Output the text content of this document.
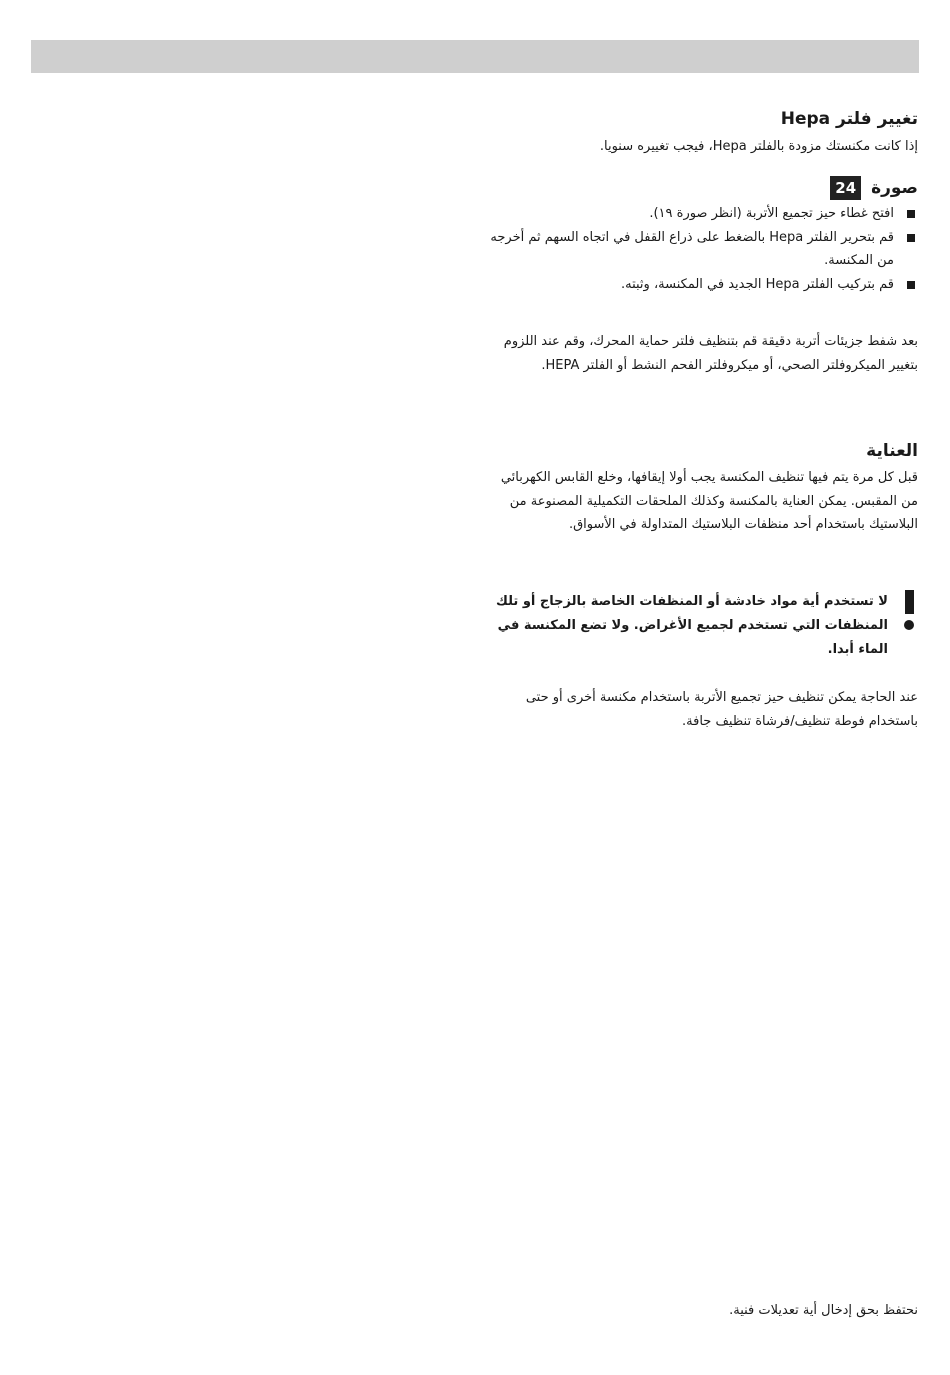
تغيير فلتر Hepa

إذا كانت مكنستك مزودة بالفلتر Hepa، فيجب تغييره سنويا.

صورة 24
افتح غطاء حيز تجميع الأتربة (انظر صورة ١٩).
قم بتحرير الفلتر Hepa بالضغط على ذراع القفل في اتجاه السهم ثم أخرجه من المكنسة.
قم بتركيب الفلتر Hepa الجديد في المكنسة، وثبته.

بعد شفط جزيئات أتربة دقيقة قم بتنظيف فلتر حماية المحرك، وقم عند اللزوم بتغيير الميكروفلتر الصحي، أو ميكروفلتر الفحم النشط أو الفلتر HEPA.

العناية

قبل كل مرة يتم فيها تنظيف المكنسة يجب أولا إيقافها، وخلع القابس الكهربائي من المقبس. يمكن العناية بالمكنسة وكذلك الملحقات التكميلية المصنوعة من البلاستيك باستخدام أحد منظفات البلاستيك المتداولة في الأسواق.

لا تستخدم أية مواد خادشة أو المنظفات الخاصة بالزجاج أو تلك المنظفات التي تستخدم لجميع الأغراض. ولا تضع المكنسة في الماء أبدا.

عند الحاجة يمكن تنظيف حيز تجميع الأتربة باستخدام مكنسة أخرى أو حتى باستخدام فوطة تنظيف/فرشاة تنظيف جافة.

نحتفظ بحق إدخال أية تعديلات فنية.
